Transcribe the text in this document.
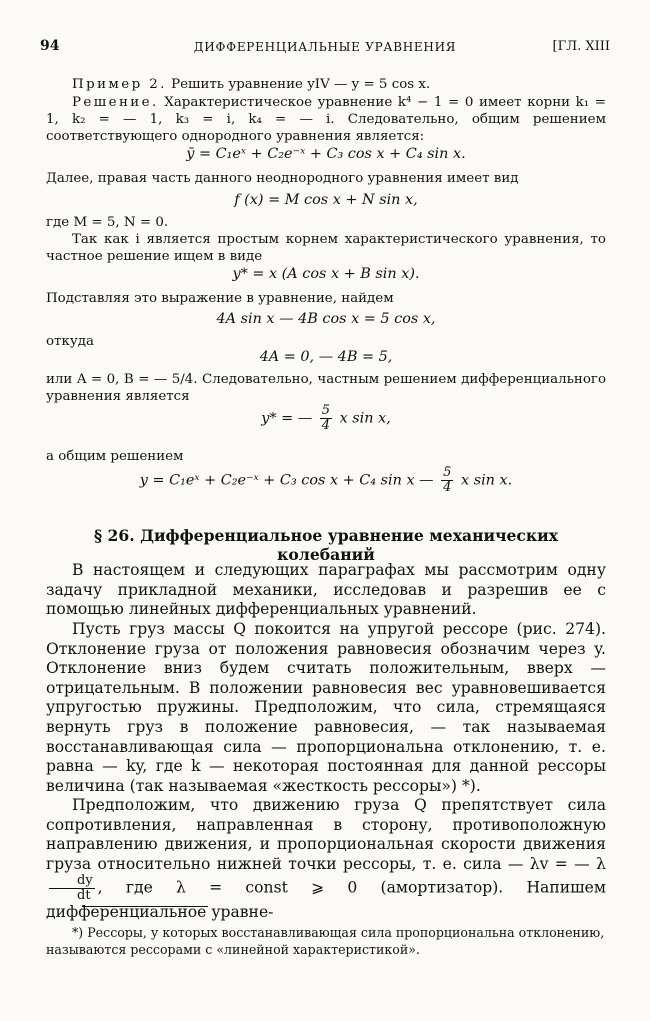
94	ДИФФЕРЕНЦИАЛЬНЫЕ УРАВНЕНИЯ	[ГЛ. XIII
Пример 2. Решить уравнение yIV — y = 5 cos x.
Решение. Характеристическое уравнение k⁴ − 1 = 0 имеет корни k₁ = 1, k₂ = — 1, k₃ = i, k₄ = — i. Следовательно, общим решением соответствующего однородного уравнения является:
ȳ = C₁eˣ + C₂e⁻ˣ + C₃ cos x + C₄ sin x.
Далее, правая часть данного неоднородного уравнения имеет вид
f (x) = M cos x + N sin x,
где M = 5, N = 0.
Так как i является простым корнем характеристического уравнения, то частное решение ищем в виде
y* = x (A cos x + B sin x).
Подставляя это выражение в уравнение, найдем
4A sin x — 4B cos x = 5 cos x,
откуда
4A = 0, — 4B = 5,
или A = 0, B = — 5/4. Следовательно, частным решением дифференциального уравнения является
y* = — $\frac{5}{4}$ x sin x,
а общим решением
y = C₁eˣ + C₂e⁻ˣ + C₃ cos x + C₄ sin x — $\frac{5}{4}$ x sin x.
§ 26. Дифференциальное уравнение механических колебаний
В настоящем и следующих параграфах мы рассмотрим одну задачу прикладной механики, исследовав и разрешив ее с помощью линейных дифференциальных уравнений.
Пусть груз массы Q покоится на упругой рессоре (рис. 274). Отклонение груза от положения равновесия обозначим через y. Отклонение вниз будем считать положительным, вверх — отрицательным. В положении равновесия вес уравновешивается упругостью пружины. Предположим, что сила, стремящаяся вернуть груз в положение равновесия, — так называемая восстанавливающая сила — пропорциональна отклонению, т. е. равна — ky, где k — некоторая постоянная для данной рессоры величина (так называемая «жесткость рессоры») *).
Предположим, что движению груза Q препятствует сила сопротивления, направленная в сторону, противоположную направлению движения, и пропорциональная скорости движения груза относительно нижней точки рессоры, т. е. сила — λv = — λ
$\frac{dy}{dt}$ , где λ = const ⩾ 0 (амортизатор). Напишем дифференциальное уравне-
*) Рессоры, у которых восстанавливающая сила пропорциональна отклонению, называются рессорами с «линейной характеристикой».
